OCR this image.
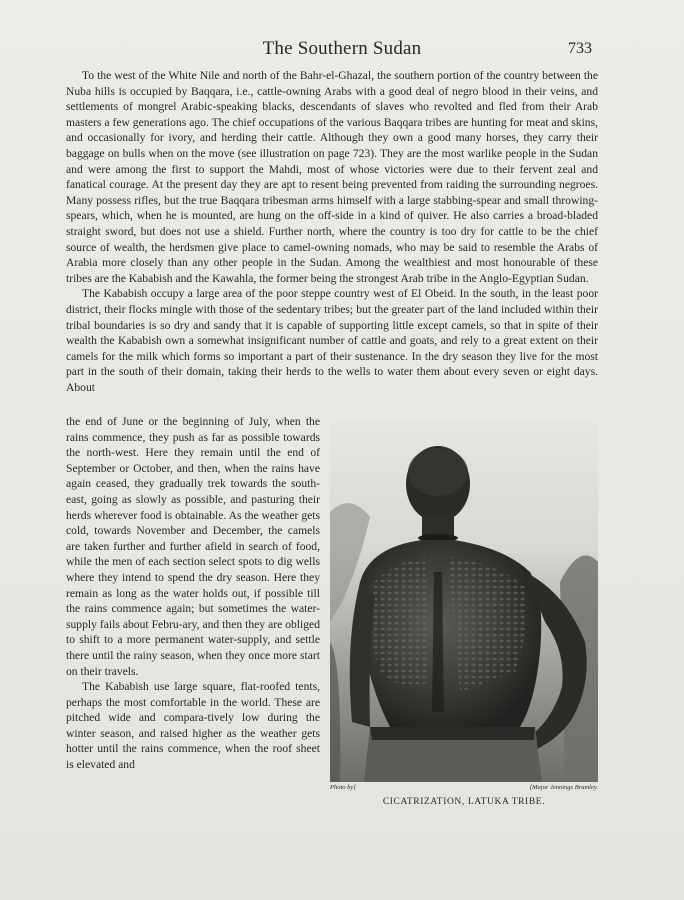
The Southern Sudan	733

To the west of the White Nile and north of the Bahr-el-Ghazal, the southern portion of the country between the Nuba hills is occupied by Baqqara, i.e., cattle-owning Arabs with a good deal of negro blood in their veins, and settlements of mongrel Arabic-speaking blacks, descendants of slaves who revolted and fled from their Arab masters a few generations ago. The chief occupations of the various Baqqara tribes are hunting for meat and skins, and occasionally for ivory, and herding their cattle. Although they own a good many horses, they carry their baggage on bulls when on the move (see illustration on page 723). They are the most warlike people in the Sudan and were among the first to support the Mahdi, most of whose victories were due to their fervent zeal and fanatical courage. At the present day they are apt to resent being prevented from raiding the surrounding negroes. Many possess rifles, but the true Baqqara tribesman arms himself with a large stabbing-spear and small throwing-spears, which, when he is mounted, are hung on the off-side in a kind of quiver. He also carries a broad-bladed straight sword, but does not use a shield. Further north, where the country is too dry for cattle to be the chief source of wealth, the herdsmen give place to camel-owning nomads, who may be said to resemble the Arabs of Arabia more closely than any other people in the Sudan. Among the wealthiest and most honourable of these tribes are the Kababish and the Kawahla, the former being the strongest Arab tribe in the Anglo-Egyptian Sudan.

The Kababish occupy a large area of the poor steppe country west of El Obeid. In the south, in the least poor district, their flocks mingle with those of the sedentary tribes; but the greater part of the land included within their tribal boundaries is so dry and sandy that it is capable of supporting little except camels, so that in spite of their wealth the Kababish own a somewhat insignificant number of cattle and goats, and rely to a great extent on their camels for the milk which forms so important a part of their sustenance. In the dry season they live for the most part in the south of their domain, taking their herds to the wells to water them about every seven or eight days. About

Photo by]	[Major Jennings Bramley.
CICATRIZATION, LATUKA TRIBE.

the end of June or the beginning of July, when the rains commence, they push as far as possible towards the north-west. Here they remain until the end of September or October, and then, when the rains have again ceased, they gradually trek towards the south-east, going as slowly as possible, and pasturing their herds wherever food is obtainable. As the weather gets cold, towards November and December, the camels are taken further and further afield in search of food, while the men of each section select spots to dig wells where they intend to spend the dry season. Here they remain as long as the water holds out, if possible till the rains commence again; but sometimes the water-supply fails about Febru-ary, and then they are obliged to shift to a more permanent water-supply, and settle there until the rainy season, when they once more start on their travels.

The Kababish use large square, flat-roofed tents, perhaps the most comfortable in the world. These are pitched wide and compara-tively low during the winter season, and raised higher as the weather gets hotter until the rains commence, when the roof sheet is elevated and
